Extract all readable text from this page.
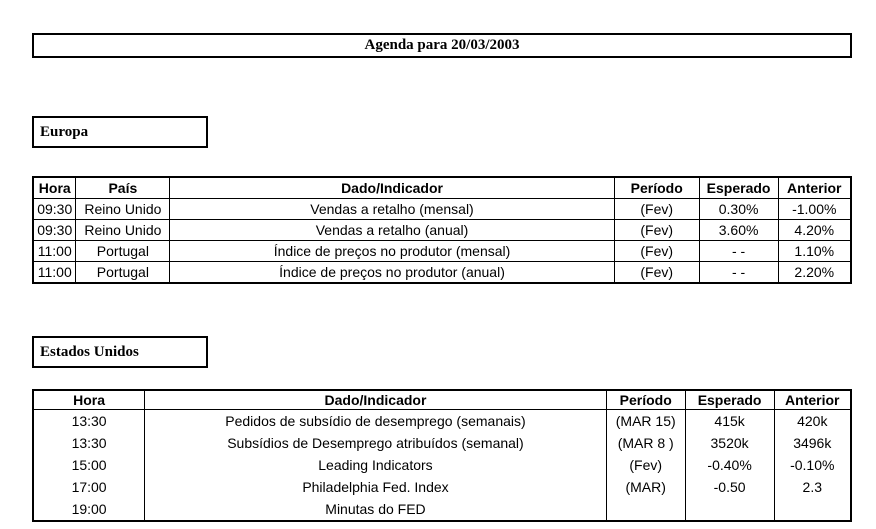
Agenda para 20/03/2003
Europa
Hora	País	Dado/Indicador	Período	Esperado	Anterior
09:30	Reino Unido	Vendas a retalho (mensal)	(Fev)	0.30%	-1.00%
09:30	Reino Unido	Vendas a retalho (anual)	(Fev)	3.60%	4.20%
11:00	Portugal	Índice de preços no produtor (mensal)	(Fev)	- -	1.10%
11:00	Portugal	Índice de preços no produtor (anual)	(Fev)	- -	2.20%
Estados Unidos
Hora	Dado/Indicador	Período	Esperado	Anterior
13:30	Pedidos de subsídio de desemprego (semanais)	(MAR 15)	415k	420k
13:30	Subsídios de Desemprego atribuídos (semanal)	(MAR 8 )	3520k	3496k
15:00	Leading Indicators	(Fev)	-0.40%	-0.10%
17:00	Philadelphia Fed. Index	(MAR)	-0.50	2.3
19:00	Minutas do FED			
